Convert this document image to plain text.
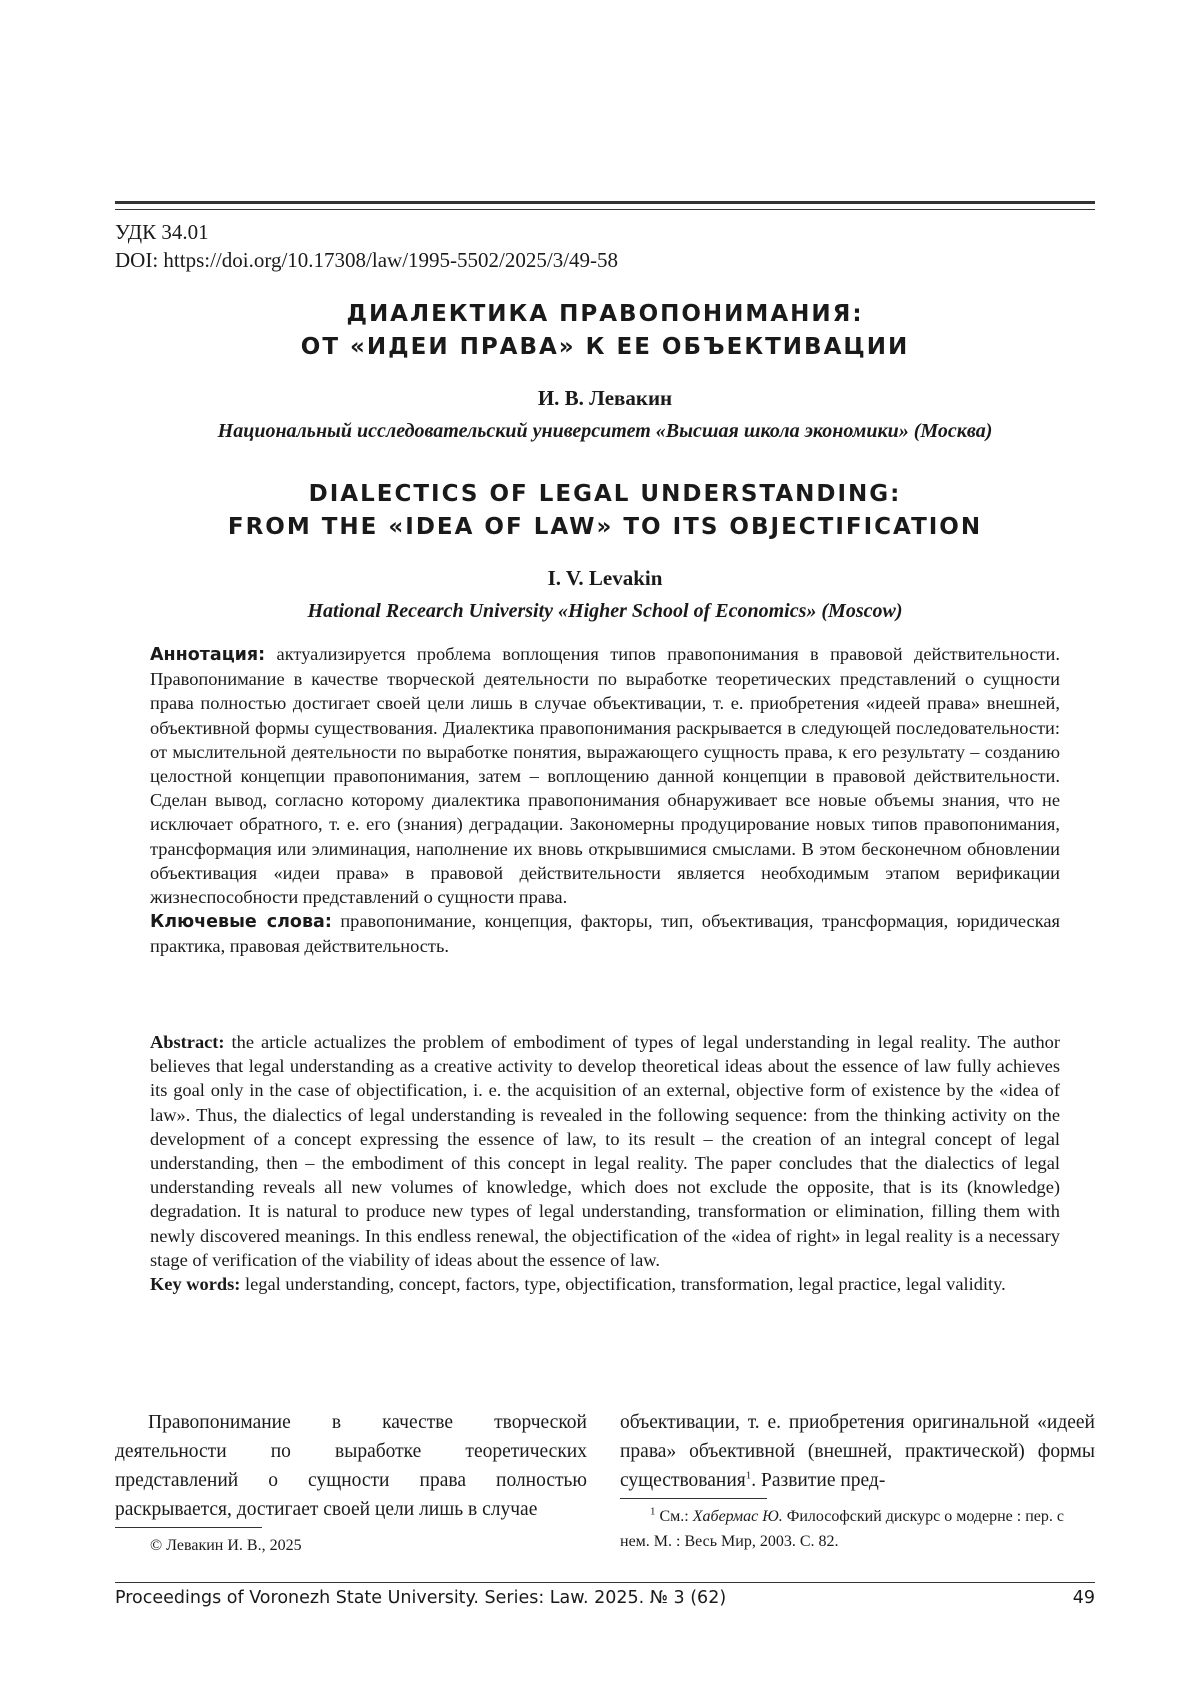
УДК 34.01
DOI: https://doi.org/10.17308/law/1995-5502/2025/3/49-58
ДИАЛЕКТИКА ПРАВОПОНИМАНИЯ:
ОТ «ИДЕИ ПРАВА» К ЕЕ ОБЪЕКТИВАЦИИ
И. В. Левакин
Национальный исследовательский университет «Высшая школа экономики» (Москва)
DIALECTICS OF LEGAL UNDERSTANDING:
FROM THE «IDEA OF LAW» TO ITS OBJECTIFICATION
I. V. Levakin
Hational Recearch University «Higher School of Economics» (Moscow)

Аннотация: актуализируется проблема воплощения типов правопонимания в правовой действительности. Правопонимание в качестве творческой деятельности по выработке теоретических представлений о сущности права полностью достигает своей цели лишь в случае объективации, т. е. приобретения «идеей права» внешней, объективной формы существования. Диалектика правопонимания раскрывается в следующей последовательности: от мыслительной деятельности по выработке понятия, выражающего сущность права, к его результату – созданию целостной концепции правопонимания, затем – воплощению данной концепции в правовой действительности. Сделан вывод, согласно которому диалектика правопонимания обнаруживает все новые объемы знания, что не исключает обратного, т. е. его (знания) деградации. Закономерны продуцирование новых типов правопонимания, трансформация или элиминация, наполнение их вновь открывшимися смыслами. В этом бесконечном обновлении объективация «идеи права» в правовой действительности является необходимым этапом верификации жизнеспособности представлений о сущности права.

Ключевые слова: правопонимание, концепция, факторы, тип, объективация, трансформация, юридическая практика, правовая действительность.

Abstract: the article actualizes the problem of embodiment of types of legal understanding in legal reality. The author believes that legal understanding as a creative activity to develop theoretical ideas about the essence of law fully achieves its goal only in the case of objectification, i. e. the acquisition of an external, objective form of existence by the «idea of law». Thus, the dialectics of legal understanding is revealed in the following sequence: from the thinking activity on the development of a concept expressing the essence of law, to its result – the creation of an integral concept of legal understanding, then – the embodiment of this concept in legal reality. The paper concludes that the dialectics of legal understanding reveals all new volumes of knowledge, which does not exclude the opposite, that is its (knowledge) degradation. It is natural to produce new types of legal understanding, transformation or elimination, filling them with newly discovered meanings. In this endless renewal, the objectification of the «idea of right» in legal reality is a necessary stage of verification of the viability of ideas about the essence of law.

Key words: legal understanding, concept, factors, type, objectification, transformation, legal practice, legal validity.

Правопонимание в качестве творческой деятельности по выработке теоретических представлений о сущности права полностью раскрывается, достигает своей цели лишь в случае
объективации, т. е. приобретения оригинальной «идеей права» объективной (внешней, практической) формы существования1. Развитие пред-
© Левакин И. В., 2025
1 См.: Хабермас Ю. Философский дискурс о модерне : пер. с нем. М. : Весь Мир, 2003. С. 82.
Proceedings of Voronezh State University. Series: Law. 2025. № 3 (62)	49
